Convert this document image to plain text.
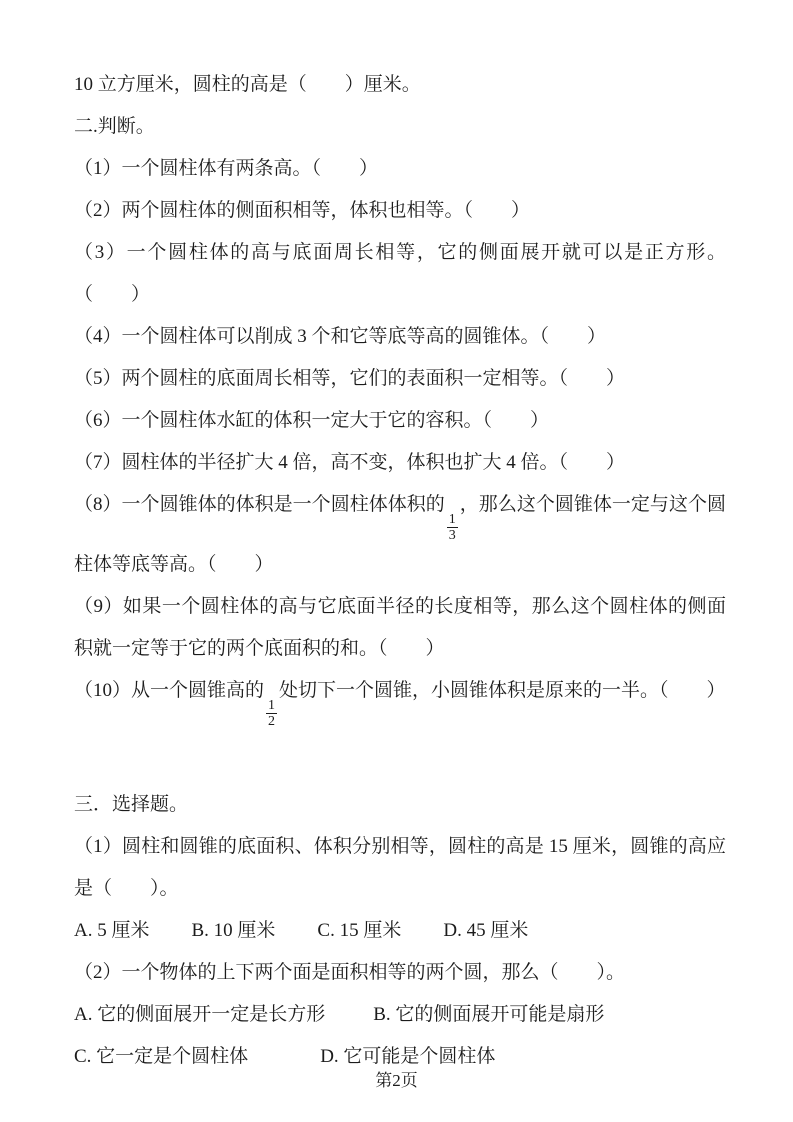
10 立方厘米，圆柱的高是（　　）厘米。

二.判断。

（1）一个圆柱体有两条高。（　　）

（2）两个圆柱体的侧面积相等，体积也相等。（　　）

（3）一个圆柱体的高与底面周长相等，它的侧面展开就可以是正方形。（　　）

（4）一个圆柱体可以削成 3 个和它等底等高的圆锥体。（　　）

（5）两个圆柱的底面周长相等，它们的表面积一定相等。（　　）

（6）一个圆柱体水缸的体积一定大于它的容积。（　　）

（7）圆柱体的半径扩大 4 倍，高不变，体积也扩大 4 倍。（　　）

（8）一个圆锥体的体积是一个圆柱体体积的
$\frac{1}{3}$
，那么这个圆锥体一定与这个圆柱体等底等高。（　　）

（9）如果一个圆柱体的高与它底面半径的长度相等，那么这个圆柱体的侧面积就一定等于它的两个底面积的和。（　　）

（10）从一个圆锥高的
$\frac{1}{2}$
处切下一个圆锥，小圆锥体积是原来的一半。（　　）

三．选择题。

（1）圆柱和圆锥的底面积、体积分别相等，圆柱的高是 15 厘米，圆锥的高应是（　　）。

A. 5 厘米 B. 10 厘米 C. 15 厘米 D. 45 厘米

（2）一个物体的上下两个面是面积相等的两个圆，那么（　　）。

A. 它的侧面展开一定是长方形	B. 它的侧面展开可能是扇形

C. 它一定是个圆柱体	D. 它可能是个圆柱体

第2页
